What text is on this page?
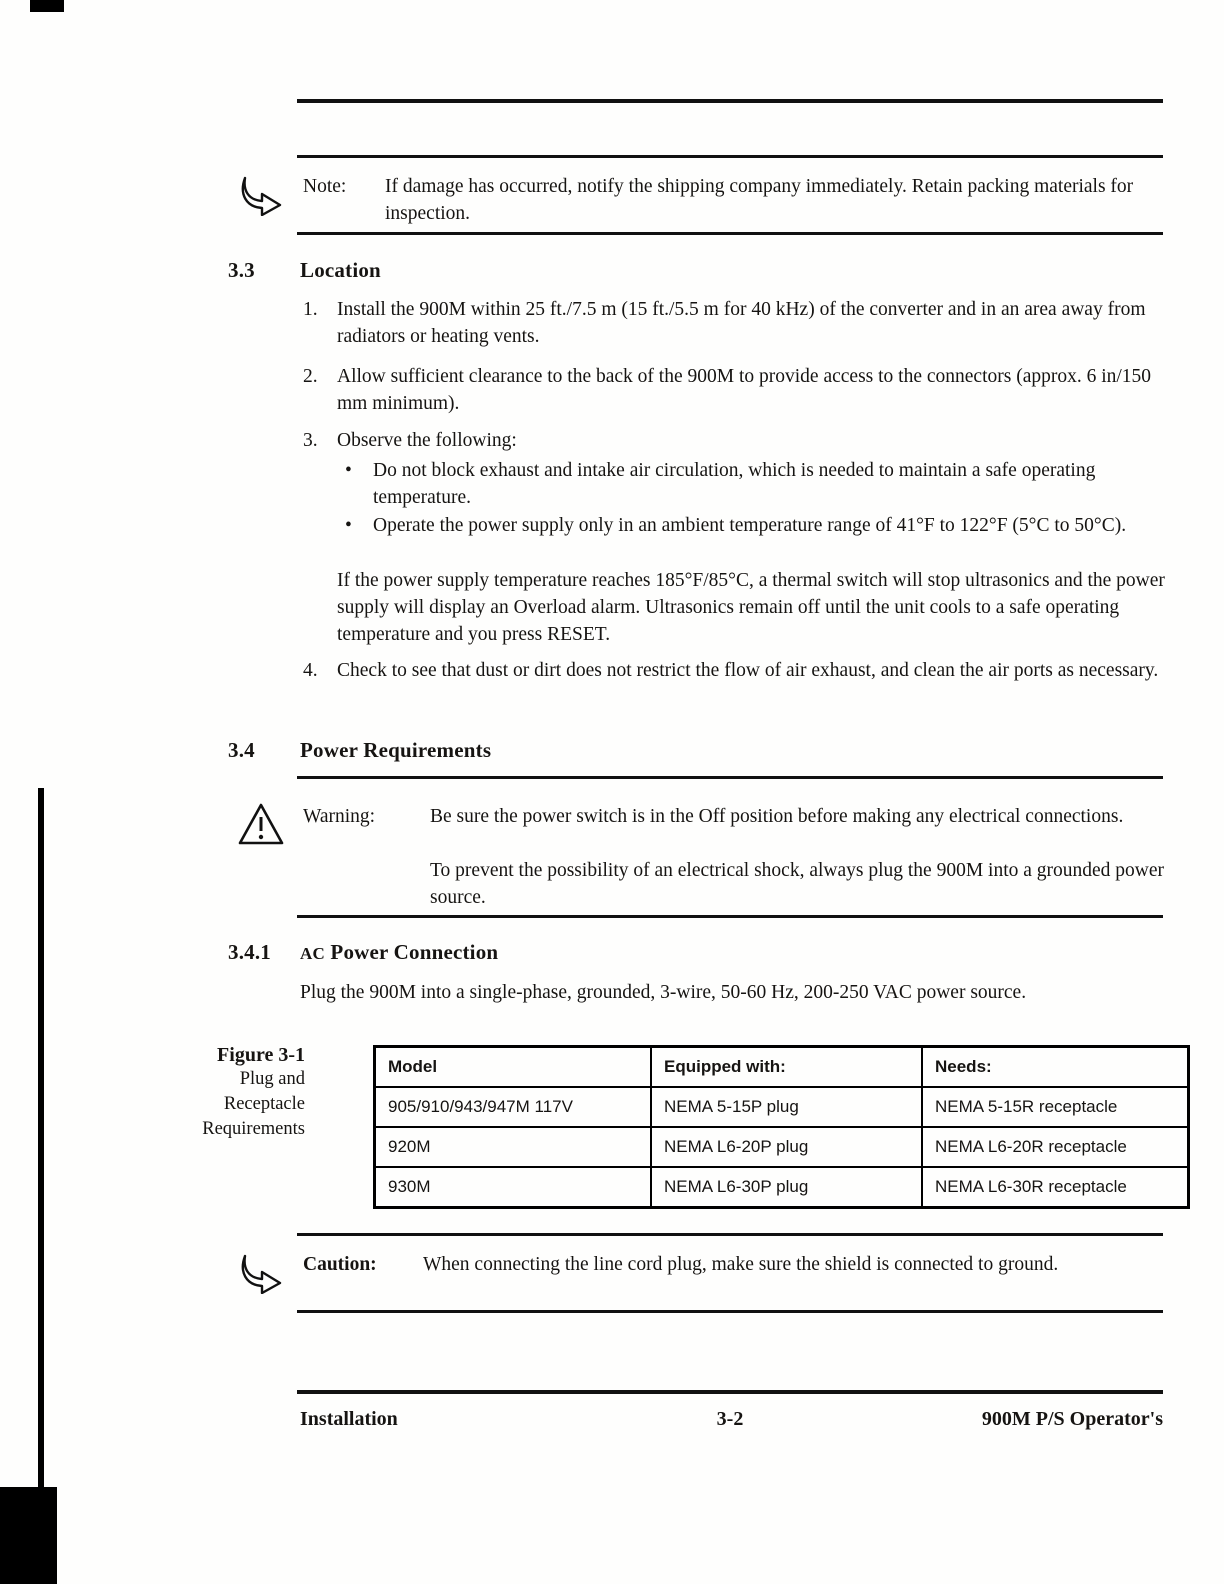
Note: If damage has occurred, notify the shipping company immediately. Retain packing materials for inspection.
3.3 Location
1. Install the 900M within 25 ft./7.5 m (15 ft./5.5 m for 40 kHz) of the converter and in an area away from radiators or heating vents.
2. Allow sufficient clearance to the back of the 900M to provide access to the connectors (approx. 6 in/150 mm minimum).
3. Observe the following:
• Do not block exhaust and intake air circulation, which is needed to maintain a safe operating temperature.
• Operate the power supply only in an ambient temperature range of 41°F to 122°F (5°C to 50°C).
If the power supply temperature reaches 185°F/85°C, a thermal switch will stop ultrasonics and the power supply will display an Overload alarm. Ultrasonics remain off until the unit cools to a safe operating temperature and you press RESET.
4. Check to see that dust or dirt does not restrict the flow of air exhaust, and clean the air ports as necessary.
3.4 Power Requirements
Warning:	Be sure the power switch is in the Off position before making any electrical connections.
To prevent the possibility of an electrical shock, always plug the 900M into a grounded power source.
3.4.1 AC Power Connection
Plug the 900M into a single-phase, grounded, 3-wire, 50-60 Hz, 200-250 VAC power source.
Figure 3-1
Plug and
Receptacle
Requirements
Model	Equipped with:	Needs:
905/910/943/947M 117V	NEMA 5-15P plug	NEMA 5-15R receptacle
920M	NEMA L6-20P plug	NEMA L6-20R receptacle
930M	NEMA L6-30P plug	NEMA L6-30R receptacle
Caution: When connecting the line cord plug, make sure the shield is connected to ground.
Installation	3-2	900M P/S Operator's
